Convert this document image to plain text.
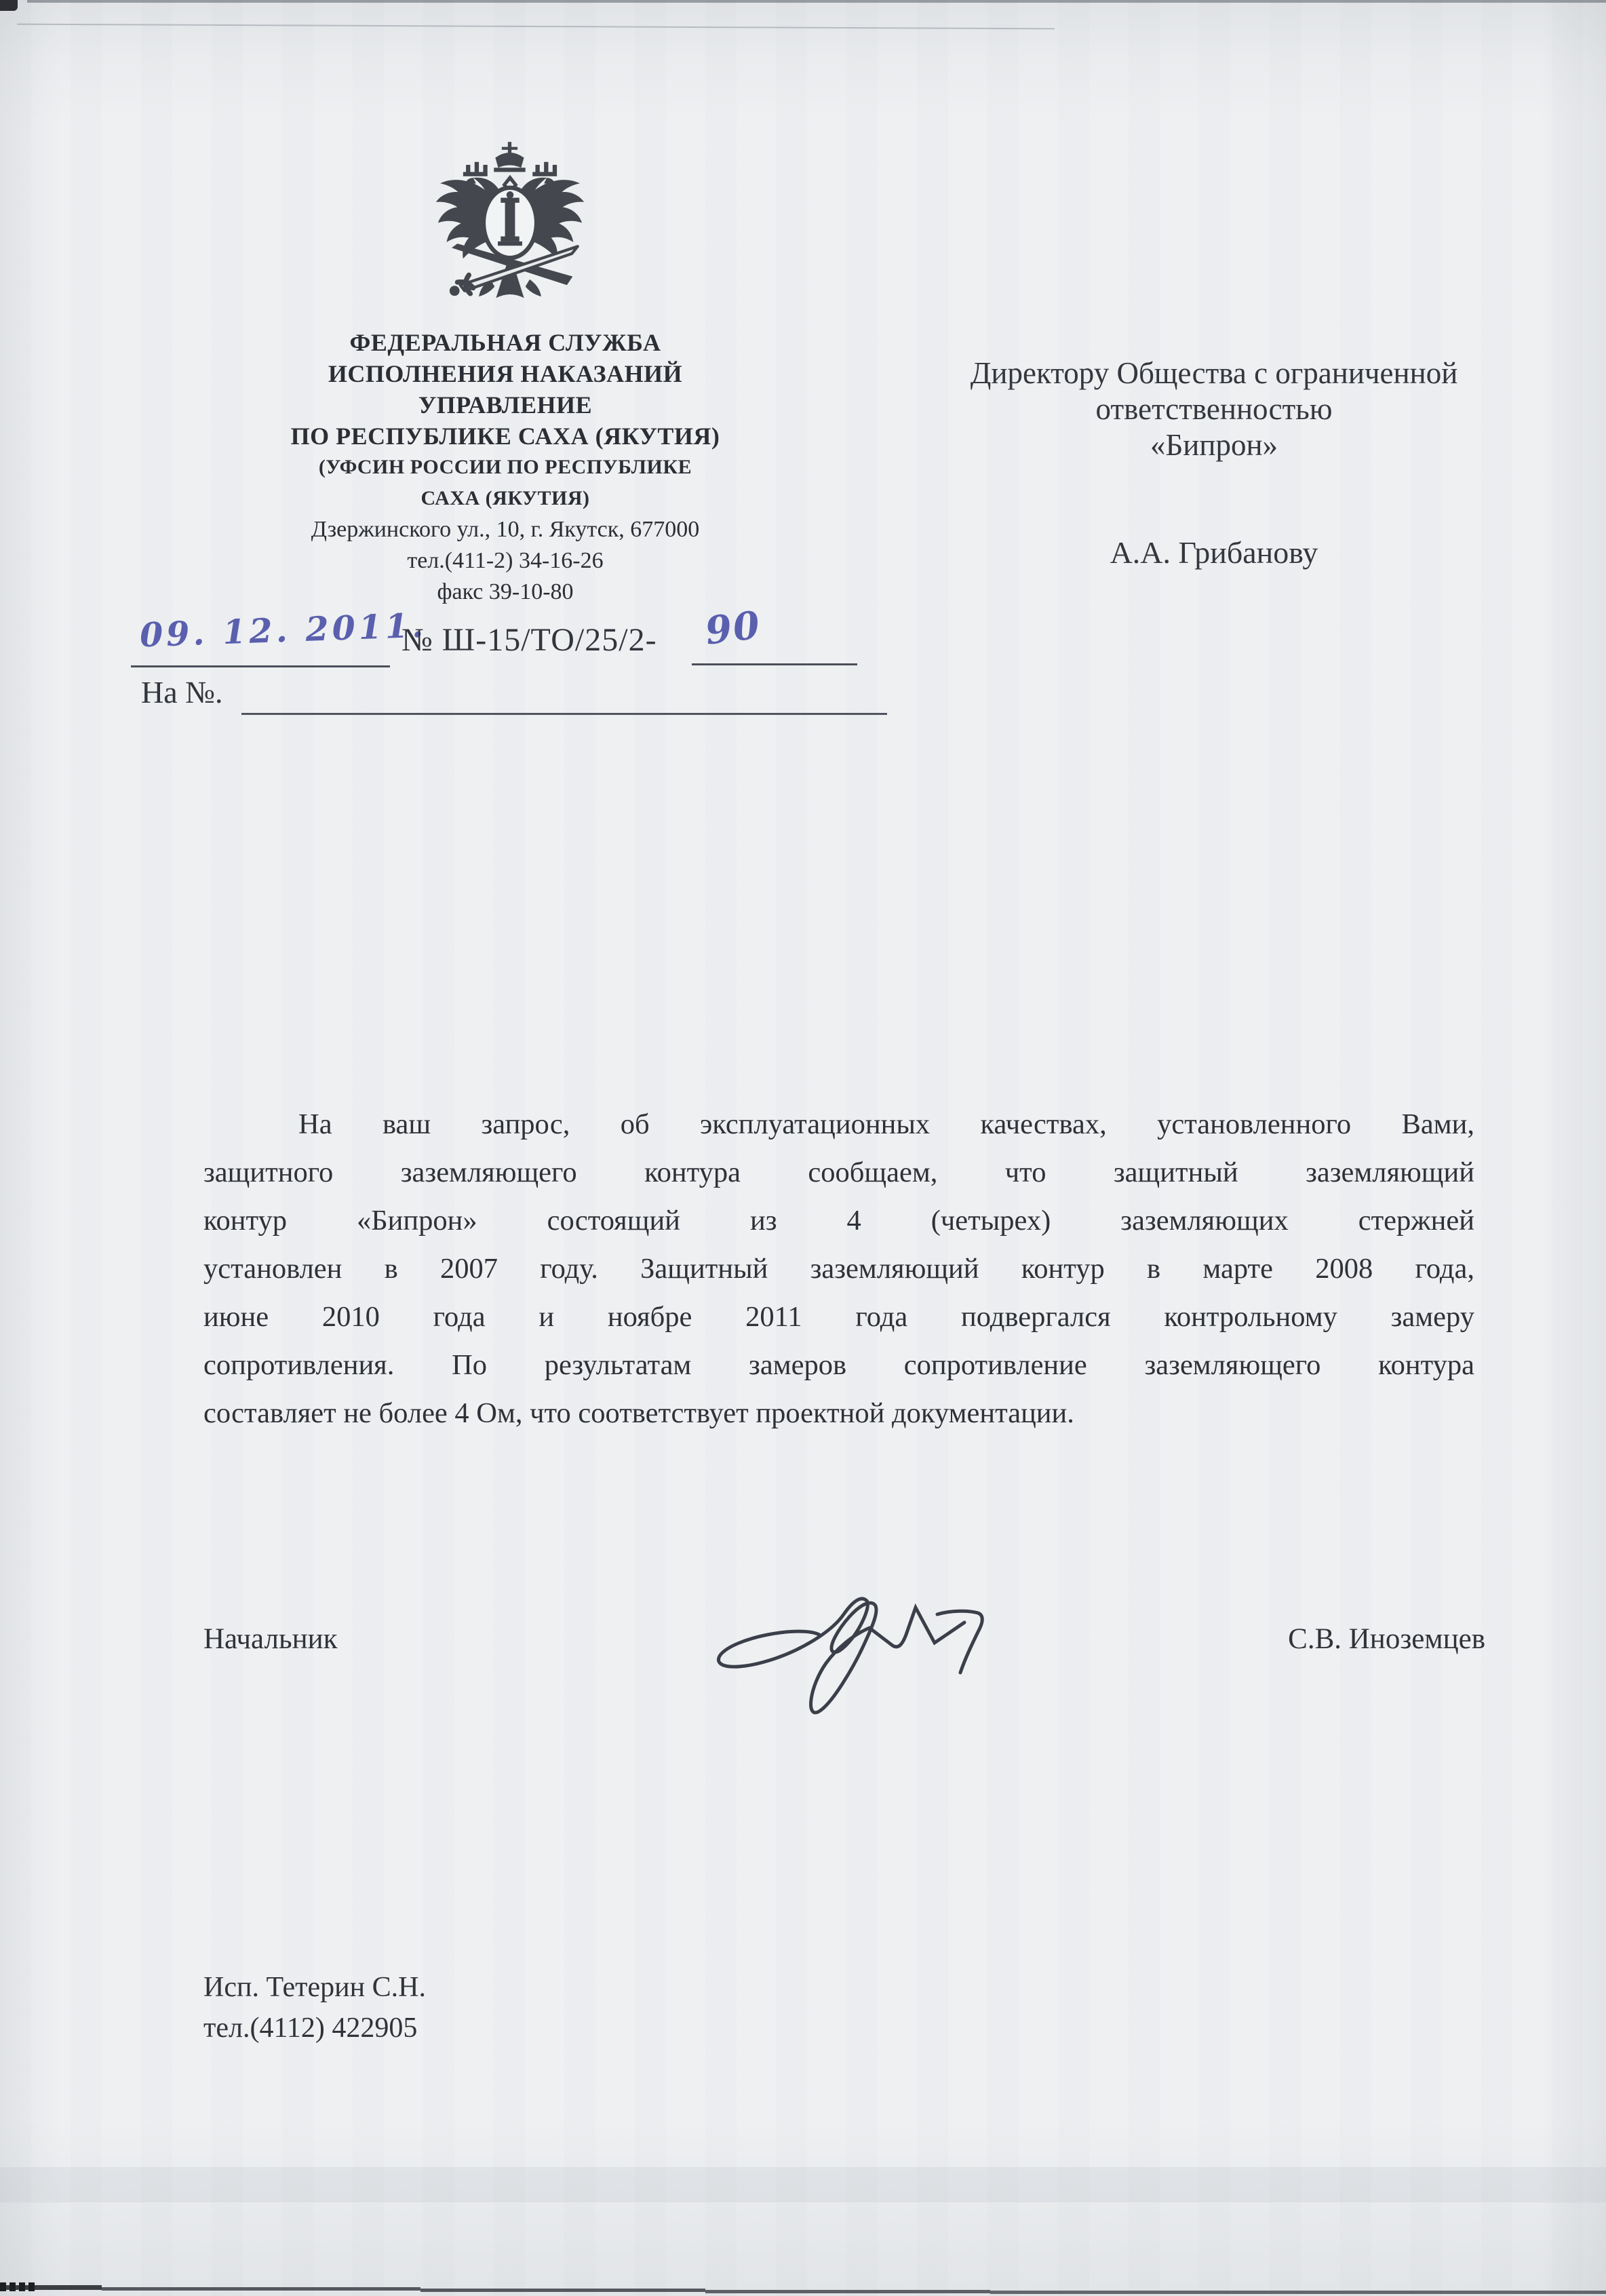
ФЕДЕРАЛЬНАЯ СЛУЖБА
ИСПОЛНЕНИЯ НАКАЗАНИЙ
УПРАВЛЕНИЕ
ПО РЕСПУБЛИКЕ САХА (ЯКУТИЯ)
(УФСИН РОССИИ ПО РЕСПУБЛИКЕ
САХА (ЯКУТИЯ)
Дзержинского ул., 10, г. Якутск, 677000
тел.(411-2) 34-16-26
факс 39-10-80
Директору Общества с ограниченной
ответственностью
«Бипрон»
А.А. Грибанову
09. 12. 2011.
№ Ш-15/ТО/25/2- 90
На №.
На ваш запрос, об эксплуатационных качествах, установленного Вами,
защитного заземляющего контура сообщаем, что защитный заземляющий
контур «Бипрон» состоящий из 4 (четырех) заземляющих стержней
установлен в 2007 году. Защитный заземляющий контур в марте 2008 года,
июне 2010 года и ноябре 2011 года подвергался контрольному замеру
сопротивления. По результатам замеров сопротивление заземляющего контура
составляет не более 4 Ом, что соответствует проектной документации.
Начальник	С.В. Иноземцев
Исп. Тетерин С.Н.
тел.(4112) 422905
